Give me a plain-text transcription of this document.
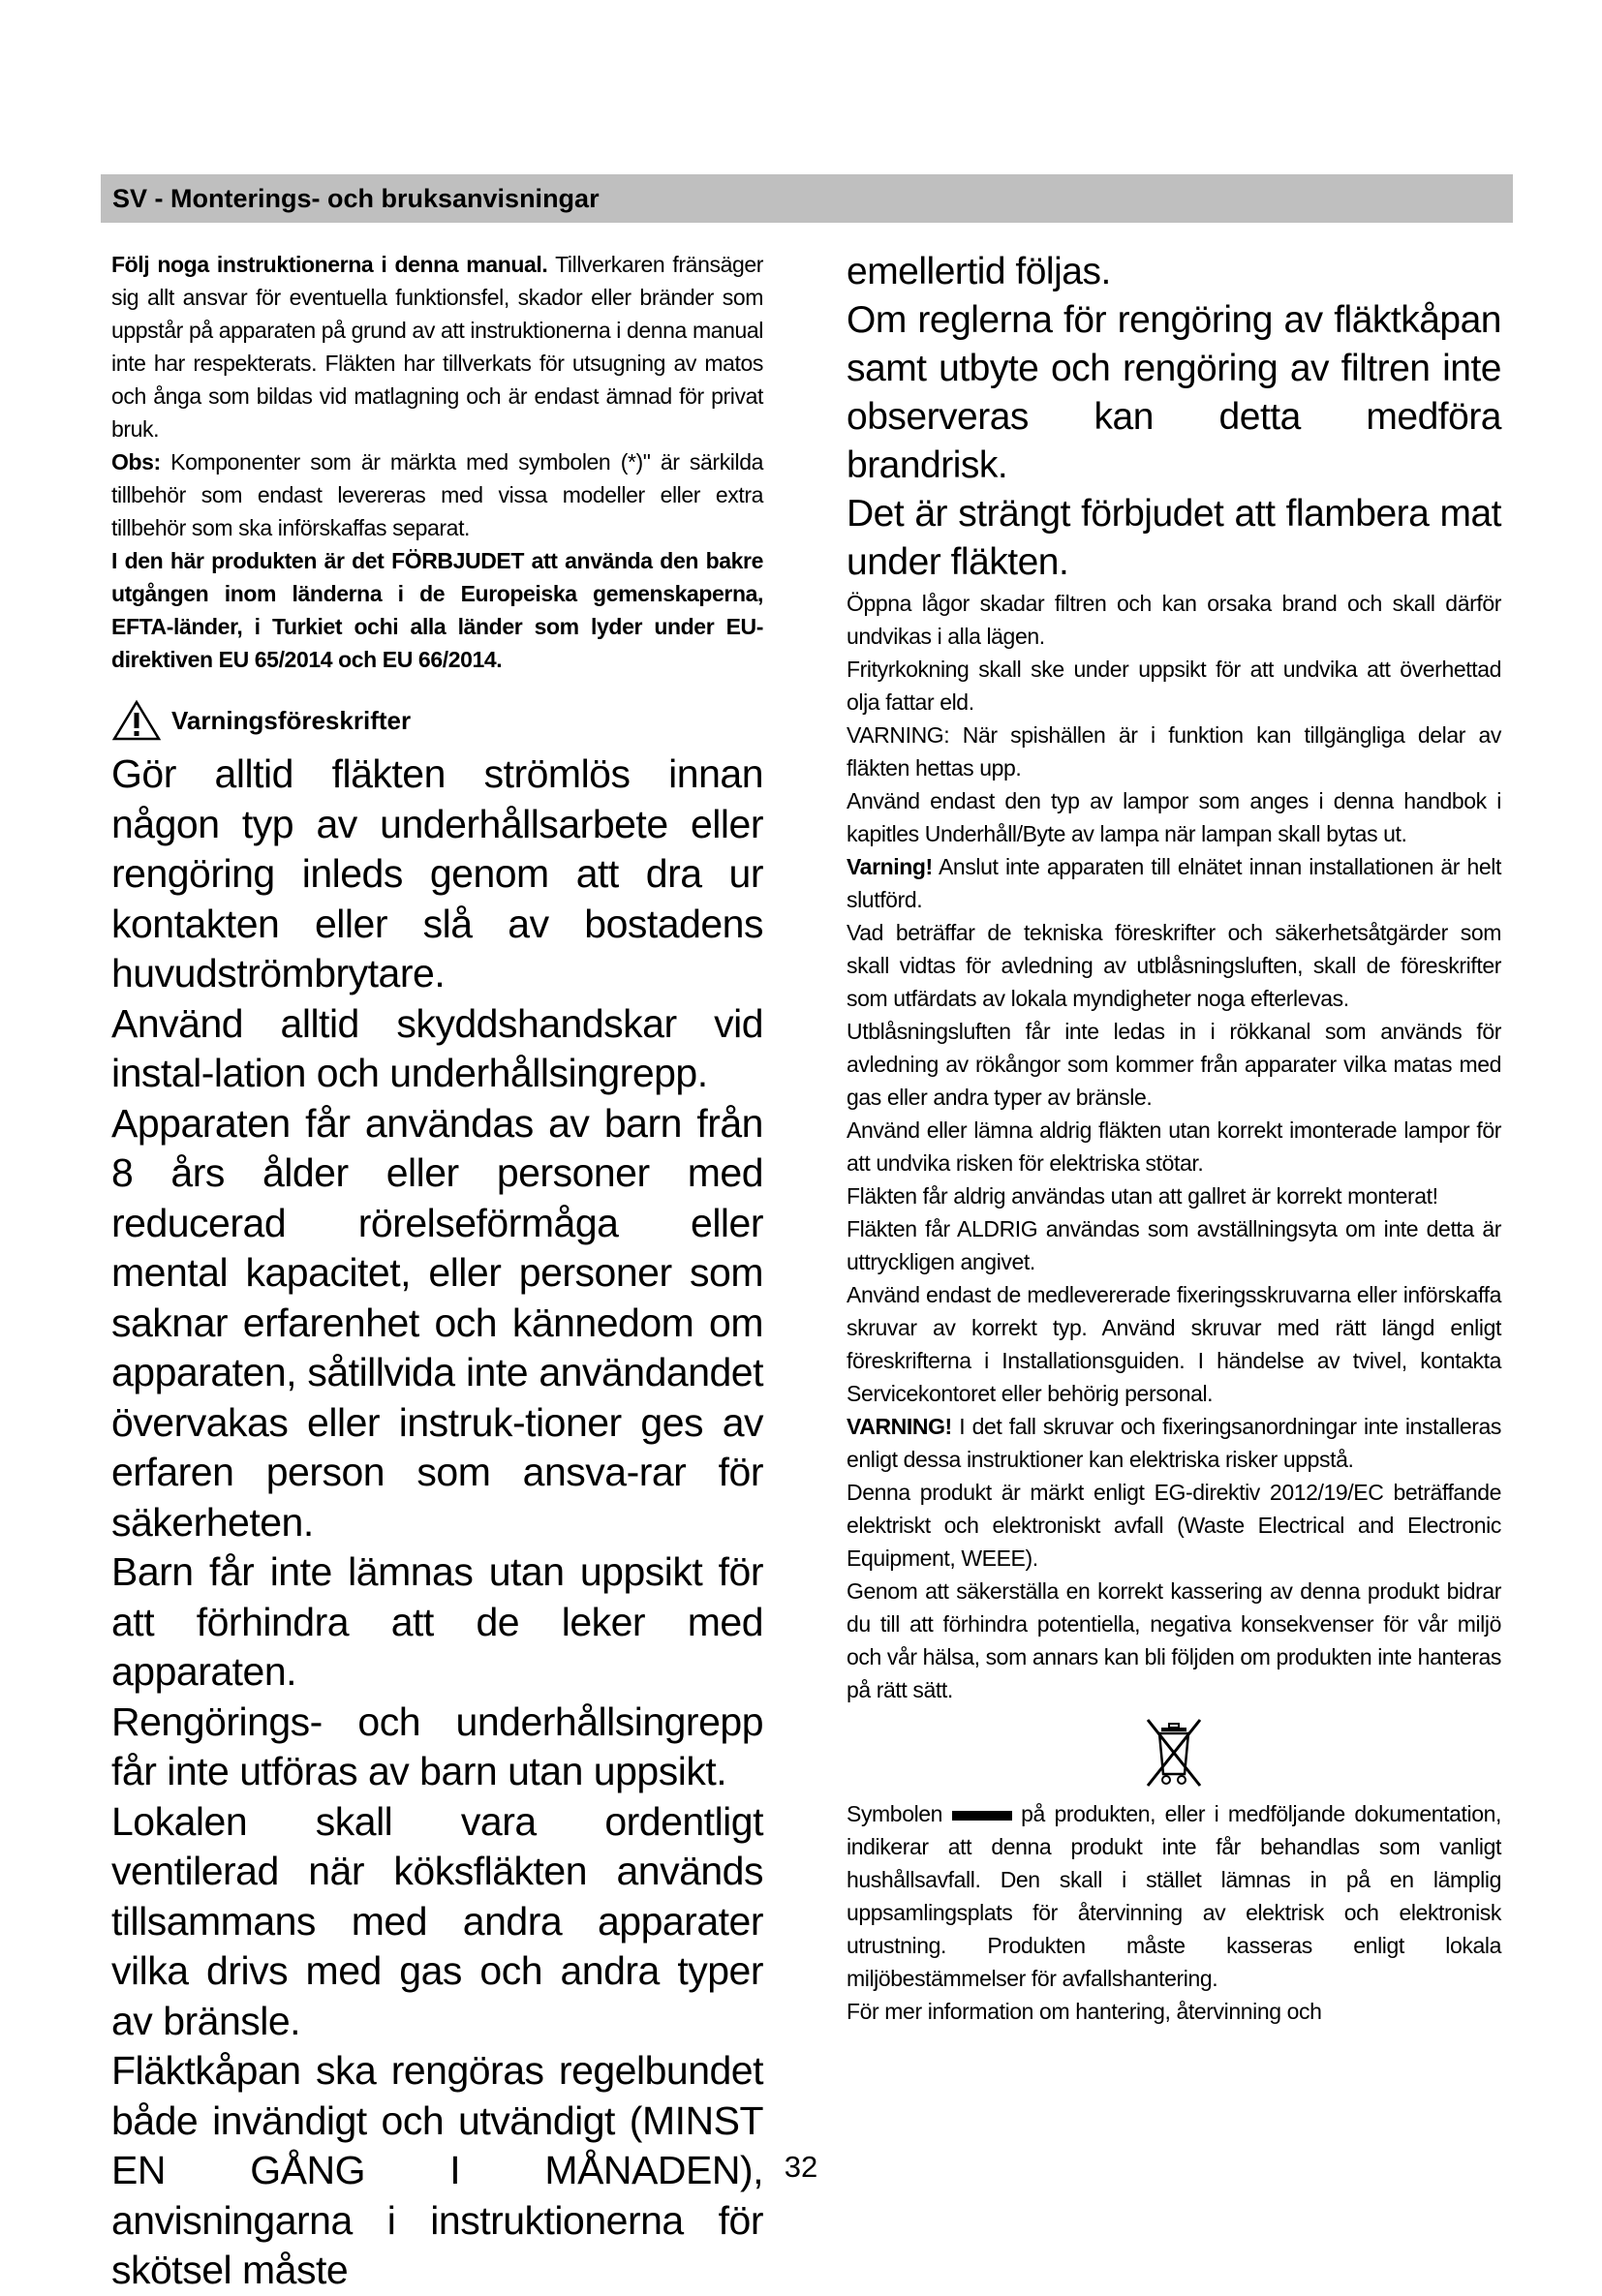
SV - Monterings- och bruksanvisningar

Följ noga instruktionerna i denna manual. Tillverkaren fränsäger sig allt ansvar för eventuella funktionsfel, skador eller bränder som uppstår på apparaten på grund av att instruktionerna i denna manual inte har respekterats. Fläkten har tillverkats för utsugning av matos och ånga som bildas vid matlagning och är endast ämnad för privat bruk.

Obs: Komponenter som är märkta med symbolen (*)" är särkilda tillbehör som endast levereras med vissa modeller eller extra tillbehör som ska införskaffas separat.

I den här produkten är det FÖRBJUDET att använda den bakre utgången inom länderna i de Europeiska gemenskaperna, EFTA-länder, i Turkiet ochi alla länder som lyder under EU-direktiven EU 65/2014 och EU 66/2014.

Varningsföreskrifter

Gör alltid fläkten strömlös innan någon typ av underhållsarbete eller rengöring inleds genom att dra ur kontakten eller slå av bostadens huvudströmbrytare.

Använd alltid skyddshandskar vid instal-lation och underhållsingrepp.

Apparaten får användas av barn från 8 års ålder eller personer med reducerad rörelseförmåga eller mental kapacitet, eller personer som saknar erfarenhet och kännedom om apparaten, såtillvida inte användandet övervakas eller instruk-tioner ges av erfaren person som ansva-rar för säkerheten.

Barn får inte lämnas utan uppsikt för att förhindra att de leker med apparaten.

Rengörings- och underhållsingrepp får inte utföras av barn utan uppsikt.

Lokalen skall vara ordentligt ventilerad när köksfläkten används tillsammans med andra apparater vilka drivs med gas och andra typer av bränsle.

Fläktkåpan ska rengöras regelbundet både invändigt och utvändigt (MINST EN GÅNG I MÅNADEN), anvisningarna i instruktionerna för skötsel måste

emellertid följas.

Om reglerna för rengöring av fläktkåpan samt utbyte och rengöring av filtren inte observeras kan detta medföra brandrisk.

Det är strängt förbjudet att flambera mat under fläkten.

Öppna lågor skadar filtren och kan orsaka brand och skall därför undvikas i alla lägen.

Frityrkokning skall ske under uppsikt för att undvika att överhettad olja fattar eld.

VARNING: När spishällen är i funktion kan tillgängliga delar av fläkten hettas upp.

Använd endast den typ av lampor som anges i denna handbok i kapitles Underhåll/Byte av lampa när lampan skall bytas ut.

Varning! Anslut inte apparaten till elnätet innan installationen är helt slutförd.

Vad beträffar de tekniska föreskrifter och säkerhetsåtgärder som skall vidtas för avledning av utblåsningsluften, skall de föreskrifter som utfärdats av lokala myndigheter noga efterlevas.

Utblåsningsluften får inte ledas in i rökkanal som används för avledning av rökångor som kommer från apparater vilka matas med gas eller andra typer av bränsle.

Använd eller lämna aldrig fläkten utan korrekt imonterade lampor för att undvika risken för elektriska stötar.

Fläkten får aldrig användas utan att gallret är korrekt monterat!

Fläkten får ALDRIG användas som avställningsyta om inte detta är uttryckligen angivet.

Använd endast de medlevererade fixeringsskruvarna eller införskaffa skruvar av korrekt typ. Använd skruvar med rätt längd enligt föreskrifterna i Installationsguiden. I händelse av tvivel, kontakta Servicekontoret eller behörig personal.

VARNING! I det fall skruvar och fixeringsanordningar inte installeras enligt dessa instruktioner kan elektriska risker uppstå.

Denna produkt är märkt enligt EG-direktiv 2012/19/EC beträffande elektriskt och elektroniskt avfall (Waste Electrical and Electronic Equipment, WEEE).

Genom att säkerställa en korrekt kassering av denna produkt bidrar du till att förhindra potentiella, negativa konsekvenser för vår miljö och vår hälsa, som annars kan bli följden om produkten inte hanteras på rätt sätt.

Symbolen	på produkten, eller i medföljande dokumentation, indikerar att denna produkt inte får behandlas som vanligt hushållsavfall. Den skall i stället lämnas in på en lämplig uppsamlingsplats för återvinning av elektrisk och elektronisk utrustning. Produkten måste kasseras enligt lokala miljöbestämmelser för avfallshantering.

För mer information om hantering, återvinning och

32
